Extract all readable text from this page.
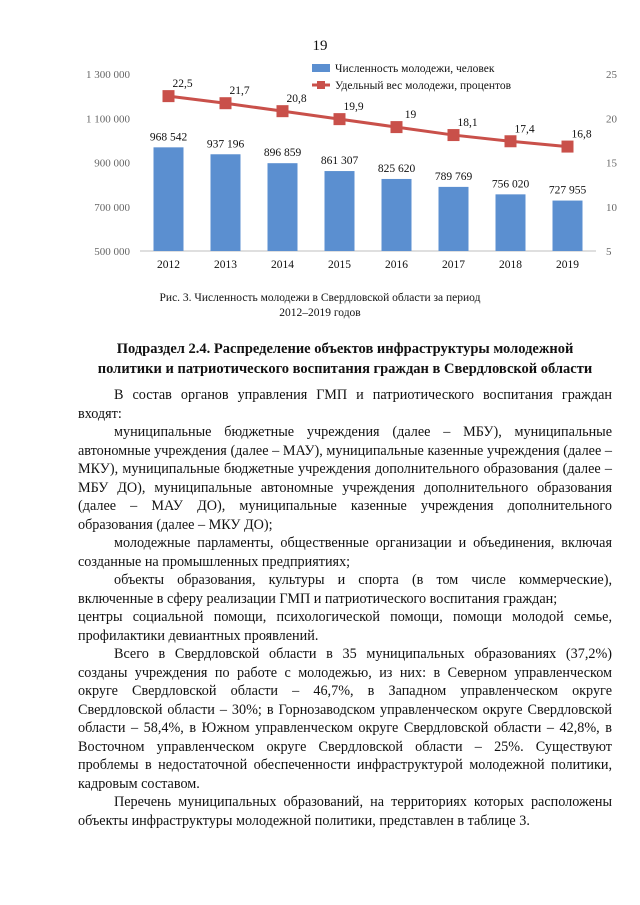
19
500 000
700 000
900 000
1 100 000
1 300 000
5
10
15
20
25
968 542
937 196
896 859
861 307
825 620
789 769
756 020
727 955
2012	2013	2014	2015	2016	2017	2018	2019
22,5
21,7
20,8
19,9
19
18,1
17,4	16,8
Численность молодежи, человек
Удельный вес молодежи, процентов
Рис. 3. Численность молодежи в Свердловской области за период
2012–2019 годов
Подраздел 2.4. Распределение объектов инфраструктуры молодежной
политики и патриотического воспитания граждан в Свердловской области

В состав органов управления ГМП и патриотического воспитания граждан входят:

муниципальные бюджетные учреждения (далее – МБУ), муниципальные автономные учреждения (далее – МАУ), муниципальные казенные учреждения (далее – МКУ), муниципальные бюджетные учреждения дополнительного образования (далее – МБУ ДО), муниципальные автономные учреждения дополнительного образования (далее – МАУ ДО), муниципальные казенные учреждения дополнительного образования (далее – МКУ ДО);

молодежные парламенты, общественные организации и объединения, включая созданные на промышленных предприятиях;

объекты образования, культуры и спорта (в том числе коммерческие), включенные в сферу реализации ГМП и патриотического воспитания граждан;

центры социальной помощи, психологической помощи, помощи молодой семье, профилактики девиантных проявлений.

Всего в Свердловской области в 35 муниципальных образованиях (37,2%) созданы учреждения по работе с молодежью, из них: в Северном управленческом округе Свердловской области – 46,7%, в Западном управленческом округе Свердловской области – 30%; в Горнозаводском управленческом округе Свердловской области – 58,4%, в Южном управленческом округе Свердловской области – 42,8%, в Восточном управленческом округе Свердловской области – 25%. Существуют проблемы в недостаточной обеспеченности инфраструктурой молодежной политики, кадровым составом.

Перечень муниципальных образований, на территориях которых расположены объекты инфраструктуры молодежной политики, представлен в таблице 3.
